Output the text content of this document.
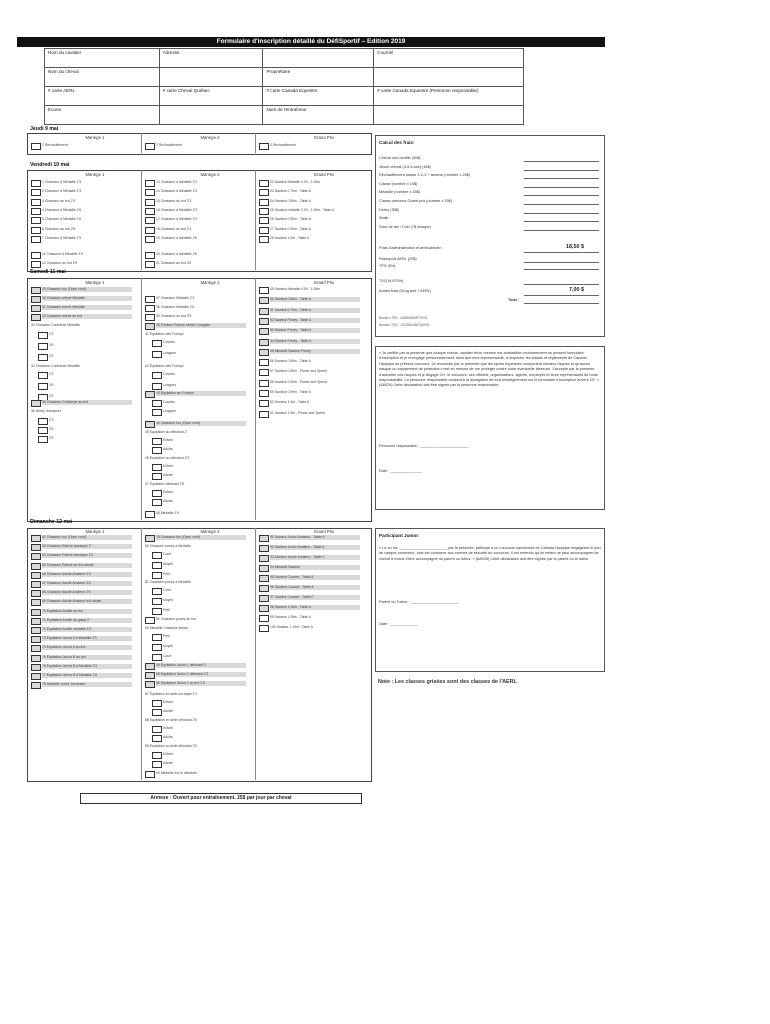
Formulaire d'inscription détaillé du DéfiSportif – Edition 2019
Nom du cavalier	Adresse		Courriel
Nom du cheval		Propriétaire	
# carte AERL	# carte Cheval Québec	# carte Canada Equestre	# carte Canada Equestre (Personne responsable)
Ecurie		Nom de l'entraîneur	
Jeudi 9 mai
Manège 1	Manège 2	Grand Prix
1 Réchauffement	2 Réchauffement	3 Réchauffement
Vendredi 10 mai
Manège 1	Manège 2	Grand Prix
1 Chasseur à Médaille 2'3
2 Chasseur à Médaille 2'3
3 Chasseur au trot 2'3
4 Chasseur à Médaille 2'6
5 Chasseur à Médaille 2'6
6 Chasseur au trot 2'6
7 Chasseur à Médaille 2'9
11 Chasseur à Médaille 2'9
12 Chasseur au trot 2'9
13 Chasseur à Médaille 2'3
14 Chasseur à Médaille 2'3
15 Chasseur au trot 2'3
16 Chasseur à Médaille 2'3
17 Chasseur à Médaille 2'3
18 Chasseur au trot 2'3
19 Chasseur à Médaille 2'6
20 Chasseur à Médaille 2'6
21 Chasseur au trot 2'6
22 Sauteur Médaille 0.90 - 1.05m
23 Sauteur 0.70m - Table A
24 Sauteur 0.80m - Table A
25 Sauteur médaille 0.90 - 1.05m - Table A
26 Sauteur 0.90m - Table A
27 Sauteur 0.90m - Table A
28 Sauteur 1.0m - Table A
Samedi 11 mai
Manège 1	Manège 2	Grand Prix
29 Chasseur fou (Open rond)
30 Chasseur relevé Médaille
31 Chasseur relevé Médaille
32 Chasseur relevé au trot
33 Chasseur Confiance Médaille
2'3
2'6
2'9
34 Chasseur Confiance Médaille
2'3
2'6
2'9
35 Chasseur Confiance au trot
36 Derby chasseurs
2'3
2'6
2'9
37 Chasseur Médaille 2'3
38 Chasseur Médaille 2'6
39 Chasseur au trot 2'9
40 Pointeur Ponies mixtes / longues
41 Équitation des Poneys
Courtes
Longues
42 Équitation des Poneys
Courtes
Longues
43 Équitation sur Poneys
Courtes
Longues
44 Chasseur fou (Open rond)
45 Équitation au débutant 2'
Enfant
Adulte
46 Équitation au débutant 2'3
Enfant
Adulte
47 Équitation débutant 2'6
Enfant
Adulte
48 Médaille 2'6
49 Sauteur Médaille 0.90 - 1.05m
50 Sauteur 0.80m - Table A
51 Sauteur 0.70m - Table A
52 Sauteur Poney - Table A
53 Sauteur Poney - Table A
54 Sauteur Poney - Table A
55 Médaille Sauteur Poney
56 Sauteur 0.80m - Table A
57 Sauteur 0.80m - Power and Speed
58 Sauteur 0.90m - Power and Speed
59 Sauteur 0.90m - Table A
60 Sauteur 1.0m - Table A
61 Sauteur 1.0m - Power and Speed
Dimanche 12 mai
Manège 1	Manège 2	Grand Prix
62 Chasseur fou (Open rond)
63 Chasseur Relevé classique 2'
64 Chasseur Relevé classique 2'3
65 Chasseur Relevé au trot adulte
66 Chasseur Adulte Amateur 2'3
67 Chasseur Adulte Amateur 2'6
68 Chasseur Adulte Amateur 2'9
69 Chasseur Adulte Amateur trot adulte
70 Équitation Adulte au trot
71 Équitation Adulte au galop 2'
72 Équitation Adulte médaille 2'3
73 Équitation Junior A à Médaille 2'3
74 Équitation Junior A au trot
75 Équitation Junior B au trot
76 Équitation Junior B à Médaille 2'3
77 Équitation Junior B à Médaille 2'6
78 Médaille Junior Jeunesse
79 Chasseur fou (Open rond)
80 Chasseur poney à Médaille
Court
Moyen
Petit
81 Chasseur poney à Médaille
Court
Moyen
Petit
82 Chasseur poney au trot
83 Médaille Chasseur poney
Petit
Moyen
Court
84 Équitation Junior 1 débutant 2'
85 Équitation Junior 1 débutant 2'3
86 Équitation Junior 1 au trot 2'6
87 Équitation en selle sur trajet 2'3
Enfant
Adulte
88 Équitation en selle débutant 2'6
Enfant
Adulte
89 Équitation en selle débutant 2'9
Enfant
Adulte
90 Médaille trot et débutant
91 Sauteur Junior Amateur - Table A
92 Sauteur Junior Amateur - Table A
93 Sauteur Junior Amateur - Table C
94 Médaille Sauteur
95 Sauteur Couvert - Table A
96 Sauteur Couvert - Table A
97 Sauteur Couvert - Table C
98 Sauteur 1.05m - Table A
99 Sauteur 1.05m - Table A
100 Sauteur 1.15m - Table A
Calcul des frais:
Cheval non-certifié (30$)
Jeune cheval (4-5-6 ans) (15$)
Réchauffement classe 1-2-3 + annexe (nombre x 25$)
Classe (nombre x 15$)
Médaille (nombre x 25$)
Classe parcours Grand prix (nombre x 25$)
Derby (35$)
Stalle
Sacs de tan / Foin (7$ chaque)
Frais d'administration et ambulancier :	18,50 $
Passeport AERL (20$)
TPS (5%)
TVQ (9,975%)
Autres frais (Drug test + AERL)	7,00 $
Total :
Numéro TPS : 182852460RT0001
Numéro TVQ : 1220541436TQ0001
« Je certifie par la présente que chaque cheval, cavalier et/ou meneur est admissible conformément au présent formulaire d'inscription et je m'engage personnellement, ainsi que mes représentants, à respecter les statuts et règlements de Canada Hippique au présent concours. Je reconnais par la présente que les sports équestres comportent certains risques et qu'aucun casque ou équipement de protection n'est en mesure de me protéger contre toute éventuelle blessure. J'accepte par la présente d'assumer ces risques et je dégage CH, le concours, ses officiels, organisateurs, agents, employés et leurs représentants de toute responsabilité. La personne responsable consent à la divulgation de tout renseignement sur le formulaire d'inscription envers CE. » (A8024) Cette déclaration doit être signée par la personne responsable
Personne responsable : _______________________
Date : _______________
Participant Junior:
« Le ou les _______________________ par la présente, participe à un concours sanctionné de Canada Hippique engageant le port de casque protecteur, cela est conforme aux normes de sécurité du concours. Il est entendu qu'un enfant ne peut accompagner de cheval à moins d'être accompagné du parent ou tuteur. » (A8026) Cette déclaration doit être signée par le parent ou le tuteur.
Parent ou Tuteur : _______________________
Date : _____________
Note : Les classes grisées sont des classes de l'AERL
Annexe : Ouvert pour entraînement. 25$ par jour par cheval
